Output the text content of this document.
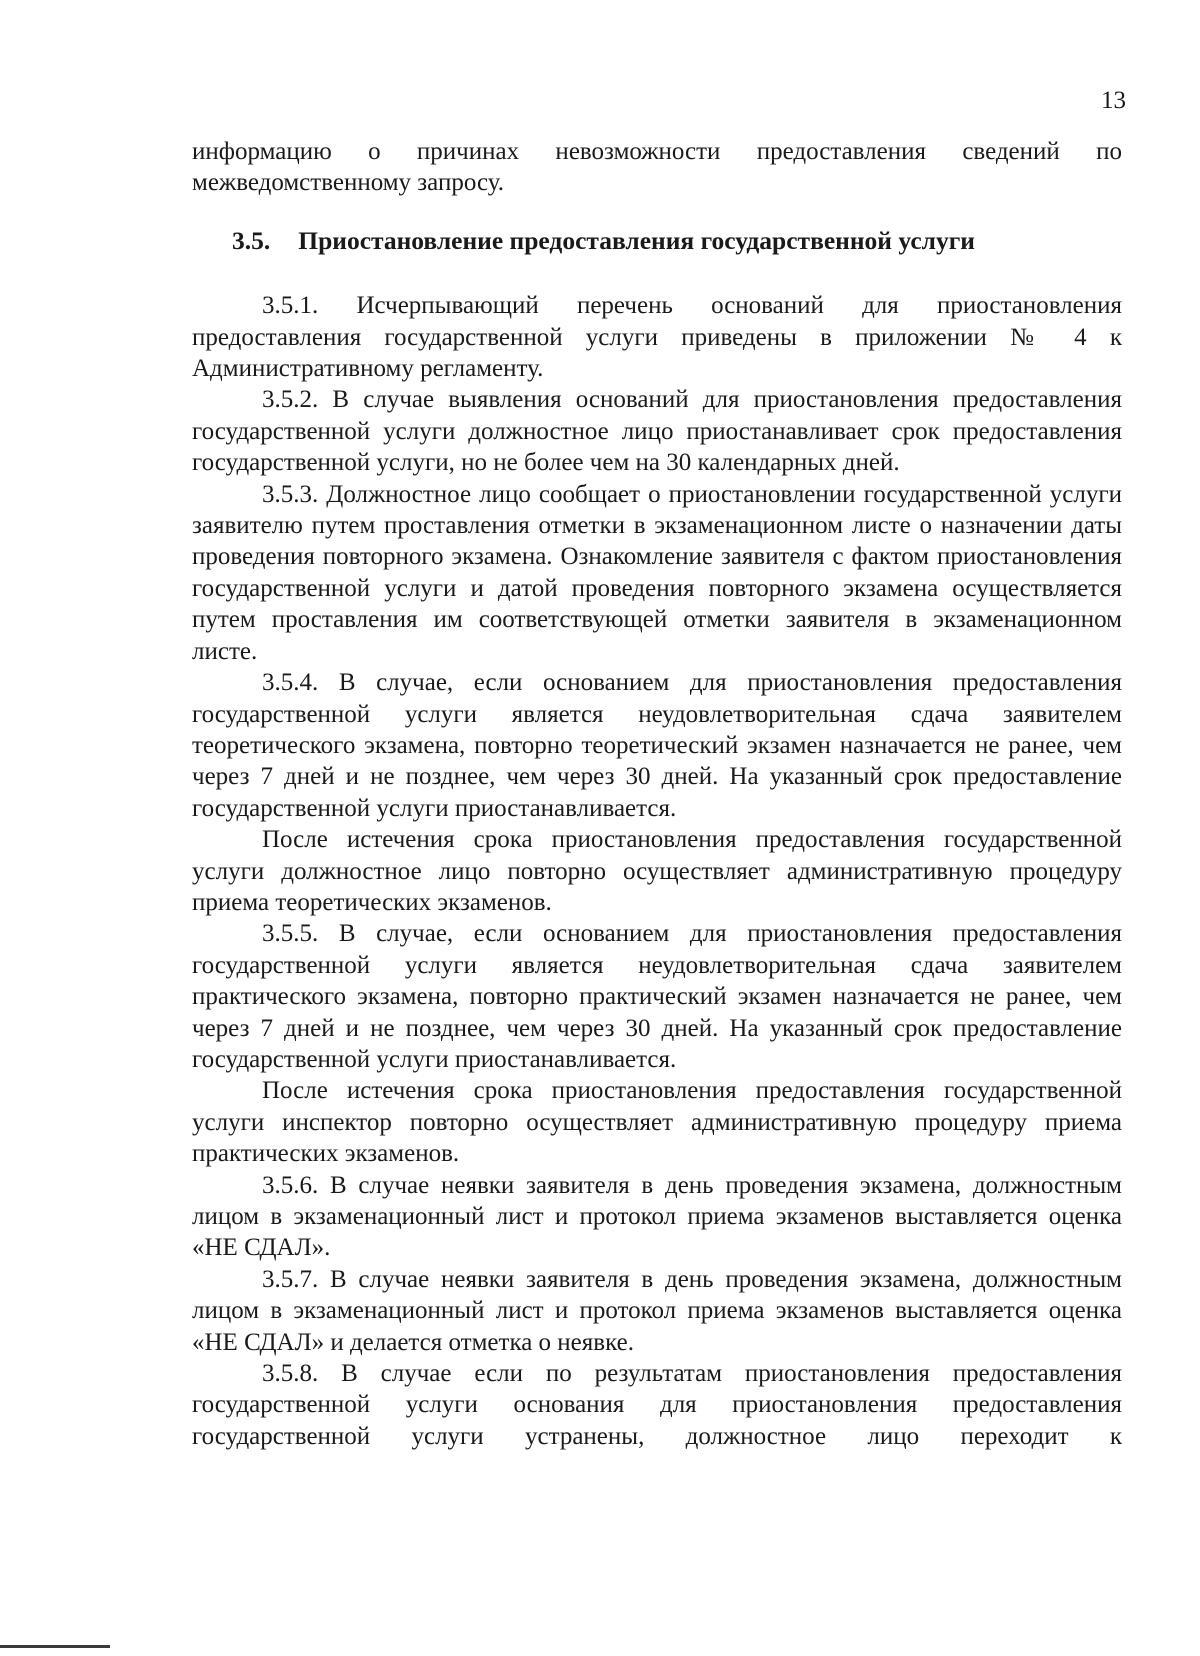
13

информацию о причинах невозможности предоставления сведений по межведомственному запросу.

3.5. Приостановление предоставления государственной услуги

3.5.1. Исчерпывающий перечень оснований для приостановления предоставления государственной услуги приведены в приложении № 4 к Административному регламенту.

3.5.2. В случае выявления оснований для приостановления предоставления государственной услуги должностное лицо приостанавливает срок предоставления государственной услуги, но не более чем на 30 календарных дней.

3.5.3. Должностное лицо сообщает о приостановлении государственной услуги заявителю путем проставления отметки в экзаменационном листе о назначении даты проведения повторного экзамена. Ознакомление заявителя с фактом приостановления государственной услуги и датой проведения повторного экзамена осуществляется путем проставления им соответствующей отметки заявителя в экзаменационном листе.

3.5.4. В случае, если основанием для приостановления предоставления государственной услуги является неудовлетворительная сдача заявителем теоретического экзамена, повторно теоретический экзамен назначается не ранее, чем через 7 дней и не позднее, чем через 30 дней. На указанный срок предоставление государственной услуги приостанавливается.

После истечения срока приостановления предоставления государственной услуги должностное лицо повторно осуществляет административную процедуру приема теоретических экзаменов.

3.5.5. В случае, если основанием для приостановления предоставления государственной услуги является неудовлетворительная сдача заявителем практического экзамена, повторно практический экзамен назначается не ранее, чем через 7 дней и не позднее, чем через 30 дней. На указанный срок предоставление государственной услуги приостанавливается.

После истечения срока приостановления предоставления государственной услуги инспектор повторно осуществляет административную процедуру приема практических экзаменов.

3.5.6. В случае неявки заявителя в день проведения экзамена, должностным лицом в экзаменационный лист и протокол приема экзаменов выставляется оценка «НЕ СДАЛ».

3.5.7. В случае неявки заявителя в день проведения экзамена, должностным лицом в экзаменационный лист и протокол приема экзаменов выставляется оценка «НЕ СДАЛ» и делается отметка о неявке.

3.5.8. В случае если по результатам приостановления предоставления государственной услуги основания для приостановления предоставления государственной услуги устранены, должностное лицо переходит к
